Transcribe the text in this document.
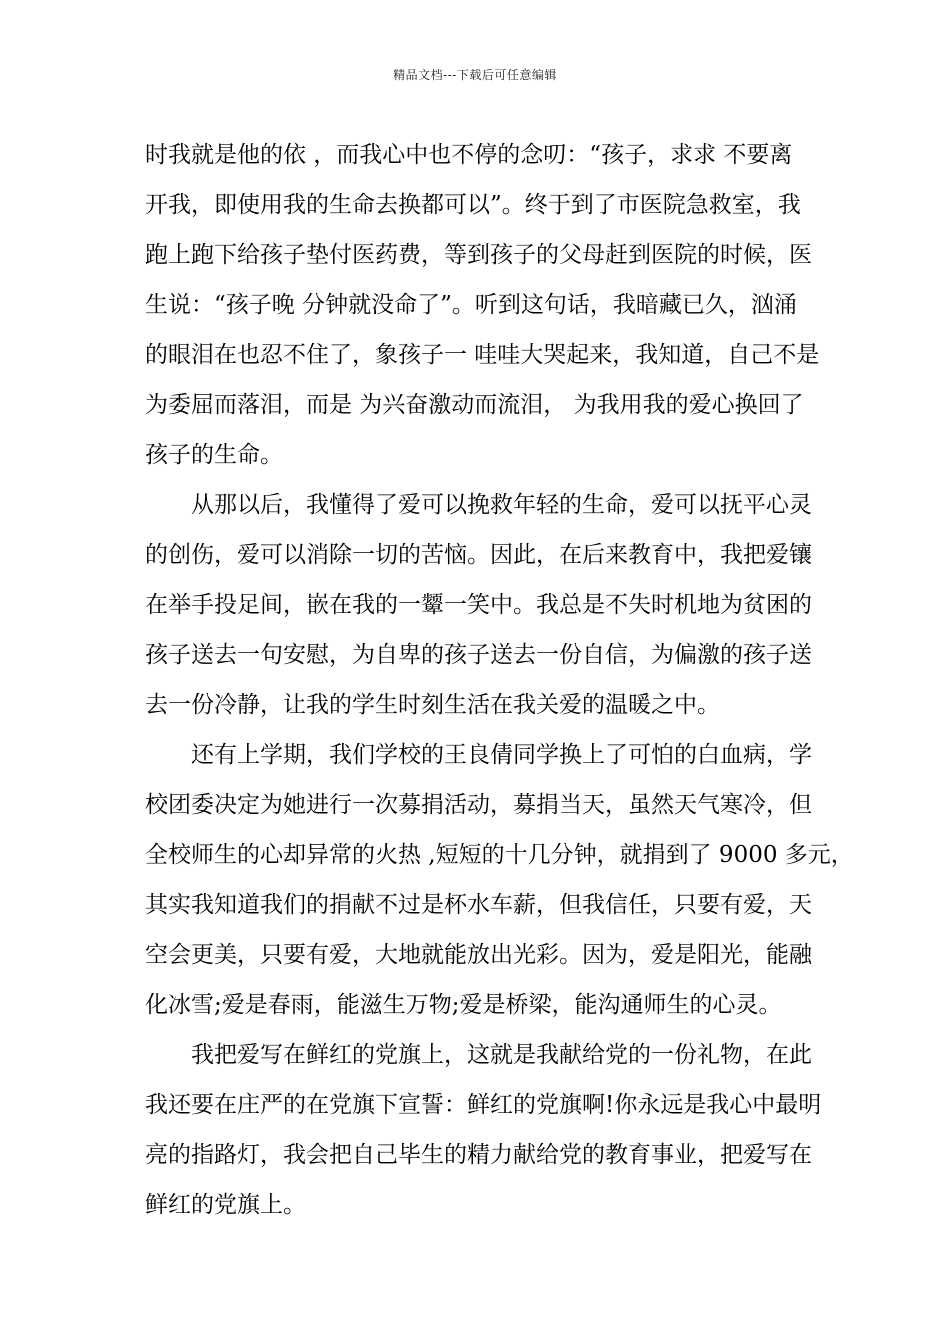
精品文档---下载后可任意编辑
时我就是他的依 ，而我心中也不停的念叨：“孩子，求求 不要离
开我，即使用我的生命去换都可以”。终于到了市医院急救室，我
跑上跑下给孩子垫付医药费，等到孩子的父母赶到医院的时候，医
生说：“孩子晚 分钟就没命了”。听到这句话，我暗藏已久，汹涌
的眼泪在也忍不住了，象孩子一 哇哇大哭起来，我知道，自己不是
为委屈而落泪，而是 为兴奋激动而流泪， 为我用我的爱心换回了
孩子的生命。
从那以后，我懂得了爱可以挽救年轻的生命，爱可以抚平心灵
的创伤，爱可以消除一切的苦恼。因此，在后来教育中，我把爱镶
在举手投足间，嵌在我的一颦一笑中。我总是不失时机地为贫困的
孩子送去一句安慰，为自卑的孩子送去一份自信，为偏激的孩子送
去一份冷静，让我的学生时刻生活在我关爱的温暖之中。
还有上学期，我们学校的王良倩同学换上了可怕的白血病，学
校团委决定为她进行一次募捐活动，募捐当天，虽然天气寒冷，但
全校师生的心却异常的火热 ,短短的十几分钟，就捐到了 9000 多元，
其实我知道我们的捐献不过是杯水车薪，但我信任，只要有爱，天
空会更美，只要有爱，大地就能放出光彩。因为，爱是阳光，能融
化冰雪;爱是春雨，能滋生万物;爱是桥梁，能沟通师生的心灵。
我把爱写在鲜红的党旗上，这就是我献给党的一份礼物，在此
我还要在庄严的在党旗下宣誓：鲜红的党旗啊!你永远是我心中最明
亮的指路灯，我会把自己毕生的精力献给党的教育事业，把爱写在
鲜红的党旗上。
